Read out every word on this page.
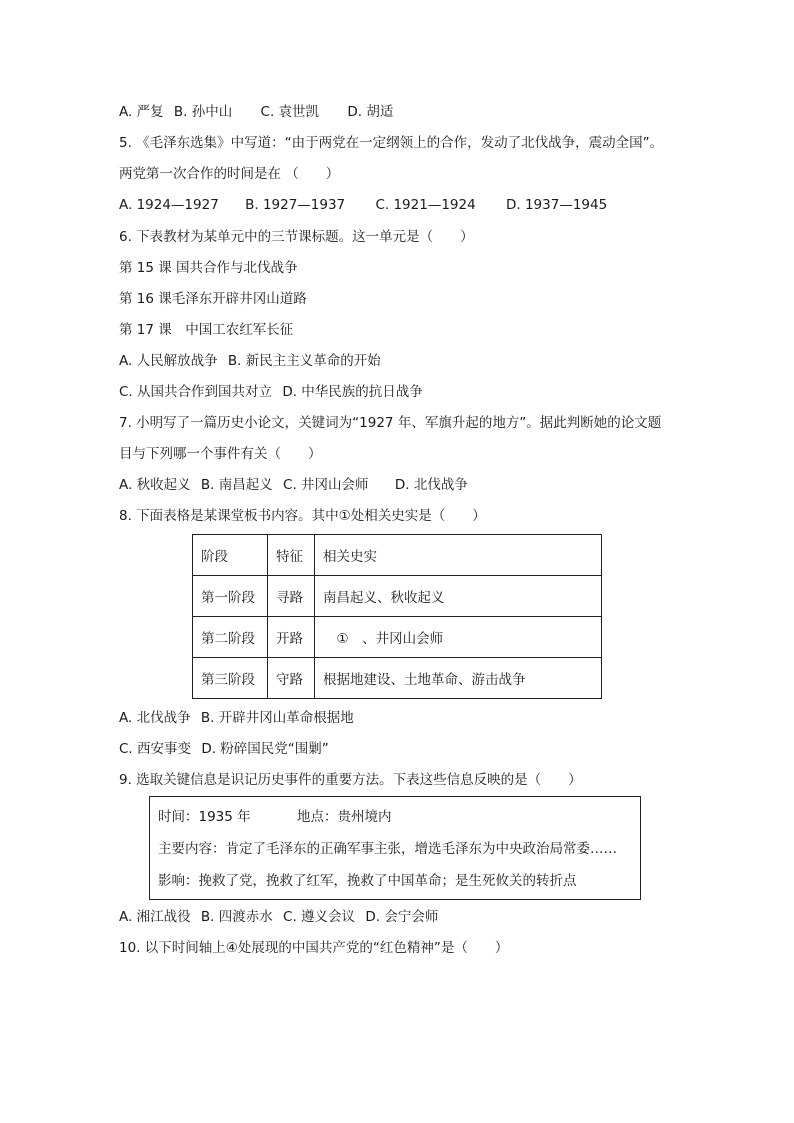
A. 严复 B. 孙中山 C. 袁世凯 D. 胡适
5. 《毛泽东选集》中写道：“由于两党在一定纲领上的合作，发动了北伐战争，震动全国”。
两党第一次合作的时间是在 （　　）
A. 1924—1927 B. 1927—1937 C. 1921—1924 D. 1937—1945
6. 下表教材为某单元中的三节课标题。这一单元是（　　）
第 15 课 国共合作与北伐战争
第 16 课毛泽东开辟井冈山道路
第 17 课　中国工农红军长征
A. 人民解放战争 B. 新民主主义革命的开始
C. 从国共合作到国共对立 D. 中华民族的抗日战争
7. 小明写了一篇历史小论文，关键词为“1927 年、军旗升起的地方”。据此判断她的论文题
目与下列哪一个事件有关（　　）
A. 秋收起义 B. 南昌起义 C. 井冈山会师 D. 北伐战争
8. 下面表格是某课堂板书内容。其中①处相关史实是（　　）
阶段	特征	相关史实
第一阶段	寻路	南昌起义、秋收起义
第二阶段	开路	　①　、井冈山会师
第三阶段	守路	根据地建设、土地革命、游击战争
A. 北伐战争 B. 开辟井冈山革命根据地
C. 西安事变 D. 粉碎国民党“围剿”
9. 选取关键信息是识记历史事件的重要方法。下表这些信息反映的是（　　）
时间：1935 年	地点：贵州境内
主要内容：肯定了毛泽东的正确军事主张，增选毛泽东为中央政治局常委……
影响：挽救了党，挽救了红军，挽救了中国革命；是生死攸关的转折点
A. 湘江战役 B. 四渡赤水 C. 遵义会议 D. 会宁会师
10. 以下时间轴上④处展现的中国共产党的“红色精神”是（　　）
